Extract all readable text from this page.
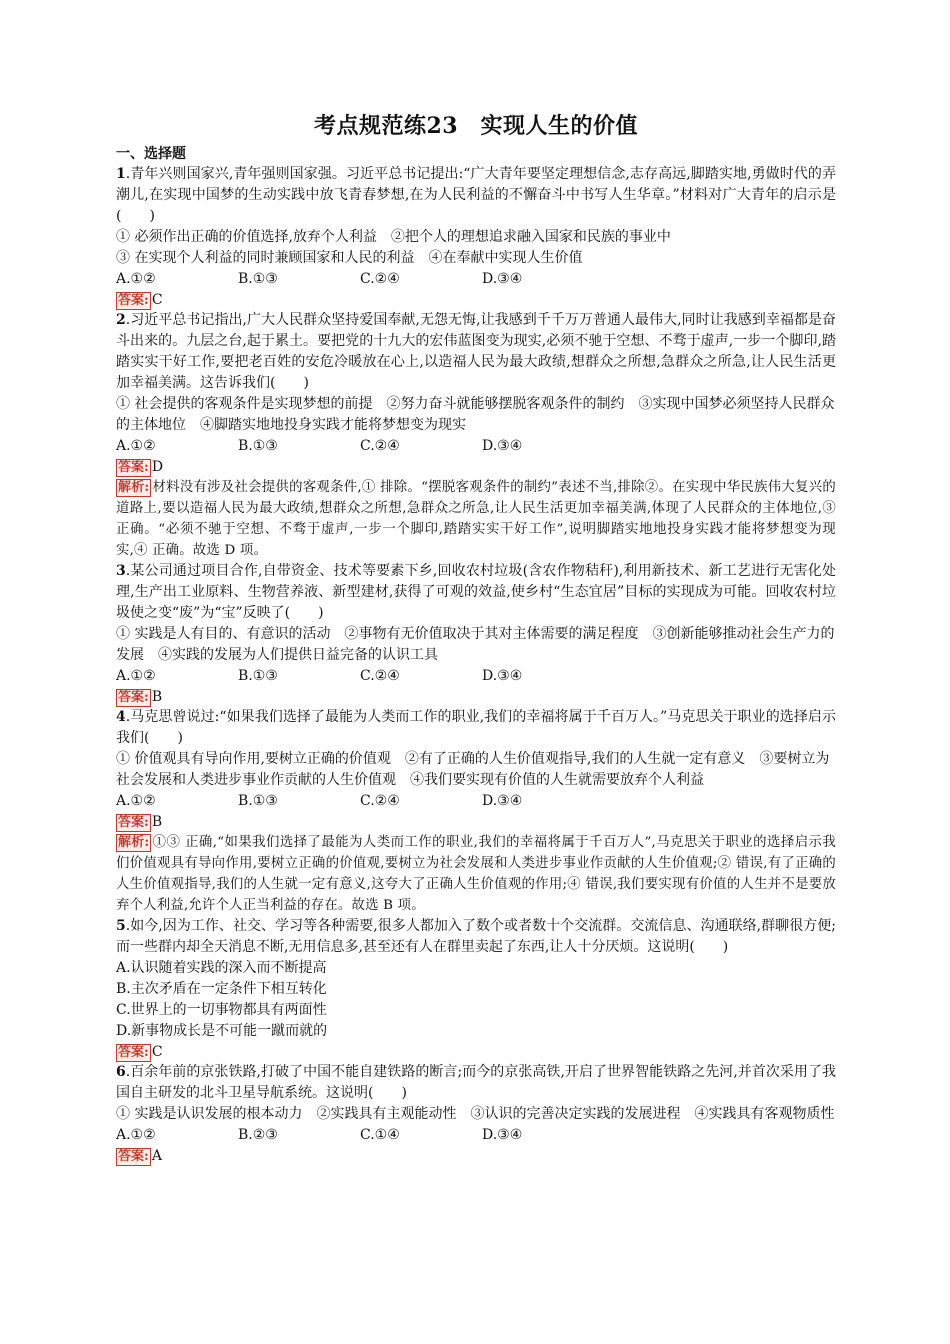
考点规范练23　实现人生的价值
一、选择题
1.青年兴则国家兴,青年强则国家强。习近平总书记提出:“广大青年要坚定理想信念,志存高远,脚踏实地,勇做时代的弄潮儿,在实现中国梦的生动实践中放飞青春梦想,在为人民利益的不懈奋斗中书写人生华章。”材料对广大青年的启示是(　　)
① 必须作出正确的价值选择,放弃个人利益　②把个人的理想追求融入国家和民族的事业中
③ 在实现个人利益的同时兼顾国家和人民的利益　④在奉献中实现人生价值
A.①②	B.①③	C.②④	D.③④
答案: C
2.习近平总书记指出,广大人民群众坚持爱国奉献,无怨无悔,让我感到千千万万普通人最伟大,同时让我感到幸福都是奋斗出来的。九层之台,起于累土。要把党的十九大的宏伟蓝图变为现实,必须不驰于空想、不骛于虚声,一步一个脚印,踏踏实实干好工作,要把老百姓的安危冷暖放在心上,以造福人民为最大政绩,想群众之所想,急群众之所急,让人民生活更加幸福美满。这告诉我们(　　)
① 社会提供的客观条件是实现梦想的前提　②努力奋斗就能够摆脱客观条件的制约　③实现中国梦必须坚持人民群众的主体地位　④脚踏实地地投身实践才能将梦想变为现实
A.①②	B.①③	C.②④	D.③④
答案: D
解析: 材料没有涉及社会提供的客观条件,① 排除。“摆脱客观条件的制约”表述不当,排除②。在实现中华民族伟大复兴的道路上,要以造福人民为最大政绩,想群众之所想,急群众之所急,让人民生活更加幸福美满,体现了人民群众的主体地位,③ 正确。“必须不驰于空想、不骛于虚声,一步一个脚印,踏踏实实干好工作”,说明脚踏实地地投身实践才能将梦想变为现实,④ 正确。故选 D 项。
3.某公司通过项目合作,自带资金、技术等要素下乡,回收农村垃圾(含农作物秸秆),利用新技术、新工艺进行无害化处理,生产出工业原料、生物营养液、新型建材,获得了可观的效益,使乡村“生态宜居”目标的实现成为可能。回收农村垃圾使之变“废”为“宝”反映了(　　)
① 实践是人有目的、有意识的活动　②事物有无价值取决于其对主体需要的满足程度　③创新能够推动社会生产力的发展　④实践的发展为人们提供日益完备的认识工具
A.①②	B.①③	C.②④	D.③④
答案: B
4.马克思曾说过:“如果我们选择了最能为人类而工作的职业,我们的幸福将属于千百万人。”马克思关于职业的选择启示我们(　　)
① 价值观具有导向作用,要树立正确的价值观　②有了正确的人生价值观指导,我们的人生就一定有意义　③要树立为社会发展和人类进步事业作贡献的人生价值观　④我们要实现有价值的人生就需要放弃个人利益
A.①②	B.①③	C.②④	D.③④
答案: B
解析: ①③ 正确,“如果我们选择了最能为人类而工作的职业,我们的幸福将属于千百万人”,马克思关于职业的选择启示我们价值观具有导向作用,要树立正确的价值观,要树立为社会发展和人类进步事业作贡献的人生价值观;② 错误,有了正确的人生价值观指导,我们的人生就一定有意义,这夸大了正确人生价值观的作用;④ 错误,我们要实现有价值的人生并不是要放弃个人利益,允许个人正当利益的存在。故选 B 项。
5.如今,因为工作、社交、学习等各种需要,很多人都加入了数个或者数十个交流群。交流信息、沟通联络,群聊很方便;而一些群内却全天消息不断,无用信息多,甚至还有人在群里卖起了东西,让人十分厌烦。这说明(　　)
A.认识随着实践的深入而不断提高
B.主次矛盾在一定条件下相互转化
C.世界上的一切事物都具有两面性
D.新事物成长是不可能一蹴而就的
答案: C
6.百余年前的京张铁路,打破了中国不能自建铁路的断言;而今的京张高铁,开启了世界智能铁路之先河,并首次采用了我国自主研发的北斗卫星导航系统。这说明(　　)
① 实践是认识发展的根本动力　②实践具有主观能动性　③认识的完善决定实践的发展进程　④实践具有客观物质性
A.①②	B.②③	C.①④	D.③④
答案: A
